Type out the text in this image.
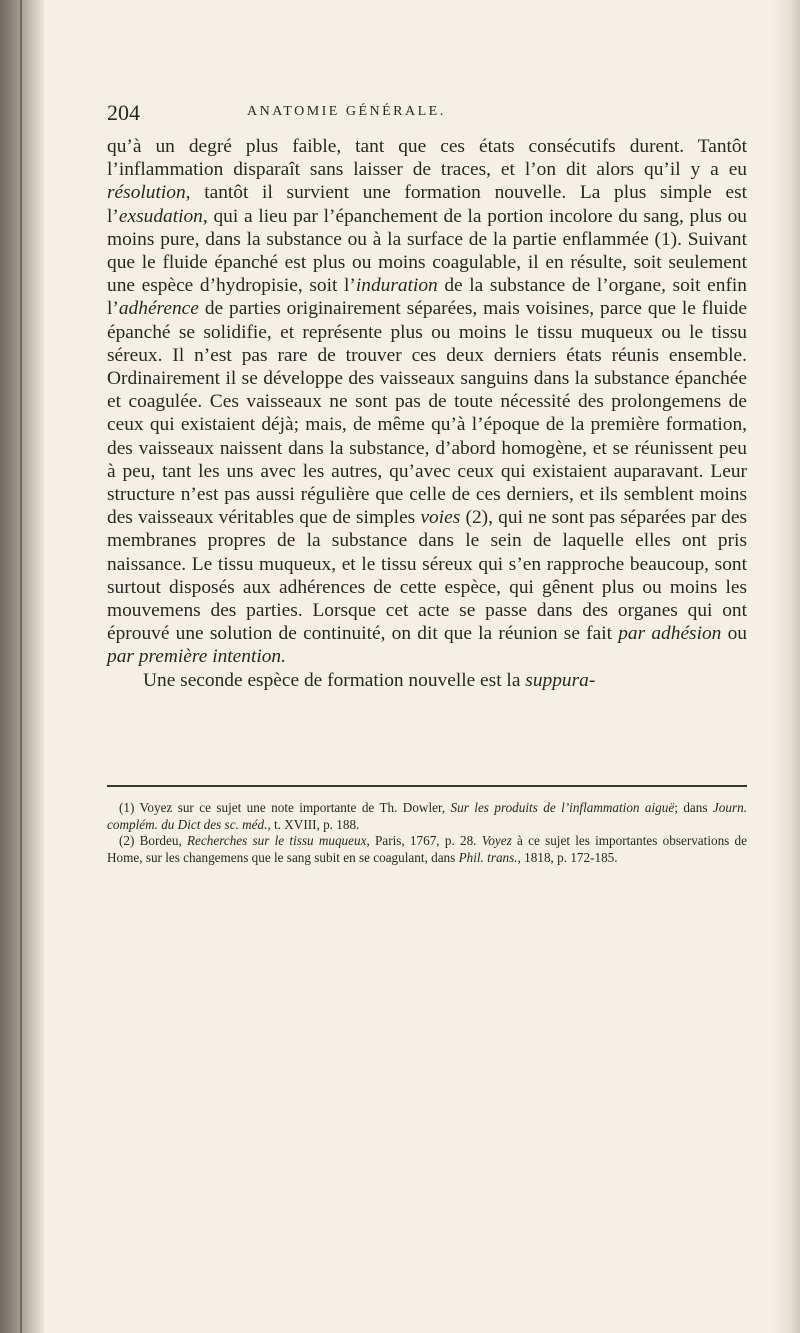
204	ANATOMIE GÉNÉRALE.

qu’à un degré plus faible, tant que ces états consécutifs durent. Tantôt l’inflammation disparaît sans laisser de traces, et l’on dit alors qu’il y a eu résolution, tantôt il survient une formation nouvelle. La plus simple est l’exsudation, qui a lieu par l’épanchement de la portion incolore du sang, plus ou moins pure, dans la substance ou à la surface de la partie enflammée (1). Suivant que le fluide épanché est plus ou moins coagulable, il en résulte, soit seulement une espèce d’hydropisie, soit l’induration de la substance de l’organe, soit enfin l’adhérence de parties originairement séparées, mais voisines, parce que le fluide épanché se solidifie, et représente plus ou moins le tissu muqueux ou le tissu séreux. Il n’est pas rare de trouver ces deux derniers états réunis ensemble. Ordinairement il se développe des vaisseaux sanguins dans la substance épanchée et coagulée. Ces vaisseaux ne sont pas de toute nécessité des prolongemens de ceux qui existaient déjà; mais, de même qu’à l’époque de la première formation, des vaisseaux naissent dans la substance, d’abord homogène, et se réunissent peu à peu, tant les uns avec les autres, qu’avec ceux qui existaient auparavant. Leur structure n’est pas aussi régulière que celle de ces derniers, et ils semblent moins des vaisseaux véritables que de simples voies (2), qui ne sont pas séparées par des membranes propres de la substance dans le sein de laquelle elles ont pris naissance. Le tissu muqueux, et le tissu séreux qui s’en rapproche beaucoup, sont surtout disposés aux adhérences de cette espèce, qui gênent plus ou moins les mouvemens des parties. Lorsque cet acte se passe dans des organes qui ont éprouvé une solution de continuité, on dit que la réunion se fait par adhésion ou par première intention.

Une seconde espèce de formation nouvelle est la suppura-

(1) Voyez sur ce sujet une note importante de Th. Dowler, Sur les produits de l’inflammation aiguë; dans Journ. complém. du Dict des sc. méd., t. XVIII, p. 188.

(2) Bordeu, Recherches sur le tissu muqueux, Paris, 1767, p. 28. Voyez à ce sujet les importantes observations de Home, sur les changemens que le sang subit en se coagulant, dans Phil. trans., 1818, p. 172-185.
